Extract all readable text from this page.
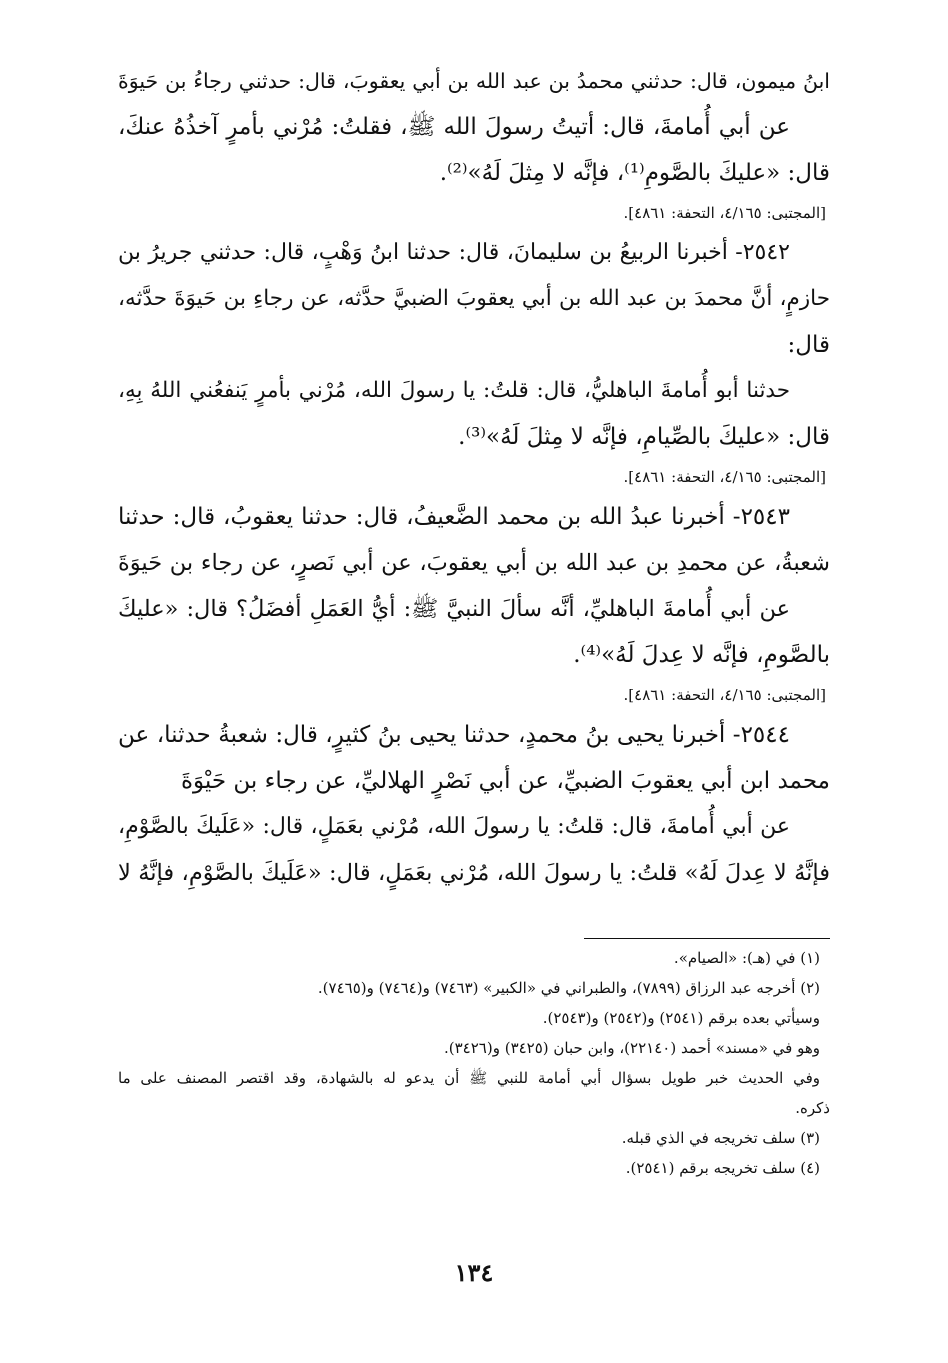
ابنُ ميمون، قال: حدثني محمدُ بن عبد الله بن أبي يعقوبَ، قال: حدثني رجاءُ بن حَيوَةَ
عن أبي أُمامةَ، قال: أتيتُ رسولَ الله ﷺ، فقلتُ: مُرْني بأمرٍ آخذُهُ عنكَ،
قال: «عليكَ بالصَّومِ⁽¹⁾، فإنَّه لا مِثلَ لَهُ»⁽²⁾.
[المجتبى: ٤/١٦٥، التحفة: ٤٨٦١].
٢٥٤٢- أخبرنا الربيعُ بن سليمانَ، قال: حدثنا ابنُ وَهْبٍ، قال: حدثني جريرُ بن
حازمٍ، أنَّ محمدَ بن عبد الله بن أبي يعقوبَ الضبيَّ حدَّثه، عن رجاءِ بن حَيوَةَ حدَّثه،
قال:
حدثنا أبو أُمامةَ الباهليُّ، قال: قلتُ: يا رسولَ الله، مُرْني بأمرٍ يَنفعُني اللهُ بِهِ،
قال: «عليكَ بالصِّيامِ، فإنَّه لا مِثلَ لَهُ»⁽³⁾.
[المجتبى: ٤/١٦٥، التحفة: ٤٨٦١].
٢٥٤٣- أخبرنا عبدُ الله بن محمد الضَّعيفُ، قال: حدثنا يعقوبُ، قال: حدثنا
شعبةُ، عن محمدِ بن عبد الله بن أبي يعقوبَ، عن أبي نَصرٍ، عن رجاء بن حَيوَةَ
عن أبي أُمامةَ الباهليِّ، أنَّه سألَ النبيَّ ﷺ: أيُّ العَمَلِ أفضَلُ؟ قال: «عليكَ
بالصَّومِ، فإنَّه لا عِدلَ لَهُ»⁽⁴⁾.
[المجتبى: ٤/١٦٥، التحفة: ٤٨٦١].
٢٥٤٤- أخبرنا يحيى بنُ محمدٍ، حدثنا يحيى بنُ كثيرٍ، قال: شعبةُ حدثنا، عن
محمد ابن أبي يعقوبَ الضبيِّ، عن أبي نَصْرٍ الهلاليِّ، عن رجاء بن حَيْوَةَ
عن أبي أُمامةَ، قال: قلتُ: يا رسولَ الله، مُرْني بعَمَلٍ، قال: «عَلَيكَ بالصَّوْمِ،
فإنَّهُ لا عِدلَ لَهُ» قلتُ: يا رسولَ الله، مُرْني بعَمَلٍ، قال: «عَلَيكَ بالصَّوْمِ، فإنَّهُ لا
(١) في (هـ): «الصيام».
(٢) أخرجه عبد الرزاق (٧٨٩٩)، والطبراني في «الكبير» (٧٤٦٣) و(٧٤٦٤) و(٧٤٦٥).
وسيأتي بعده برقم (٢٥٤١) و(٢٥٤٢) و(٢٥٤٣).
وهو في «مسند» أحمد (٢٢١٤٠)، وابن حبان (٣٤٢٥) و(٣٤٢٦).
وفي الحديث خبر طويل بسؤال أبي أمامة للنبي ﷺ أن يدعو له بالشهادة، وقد اقتصر المصنف على ما
ذكره.
(٣) سلف تخريجه في الذي قبله.
(٤) سلف تخريجه برقم (٢٥٤١).
١٣٤
